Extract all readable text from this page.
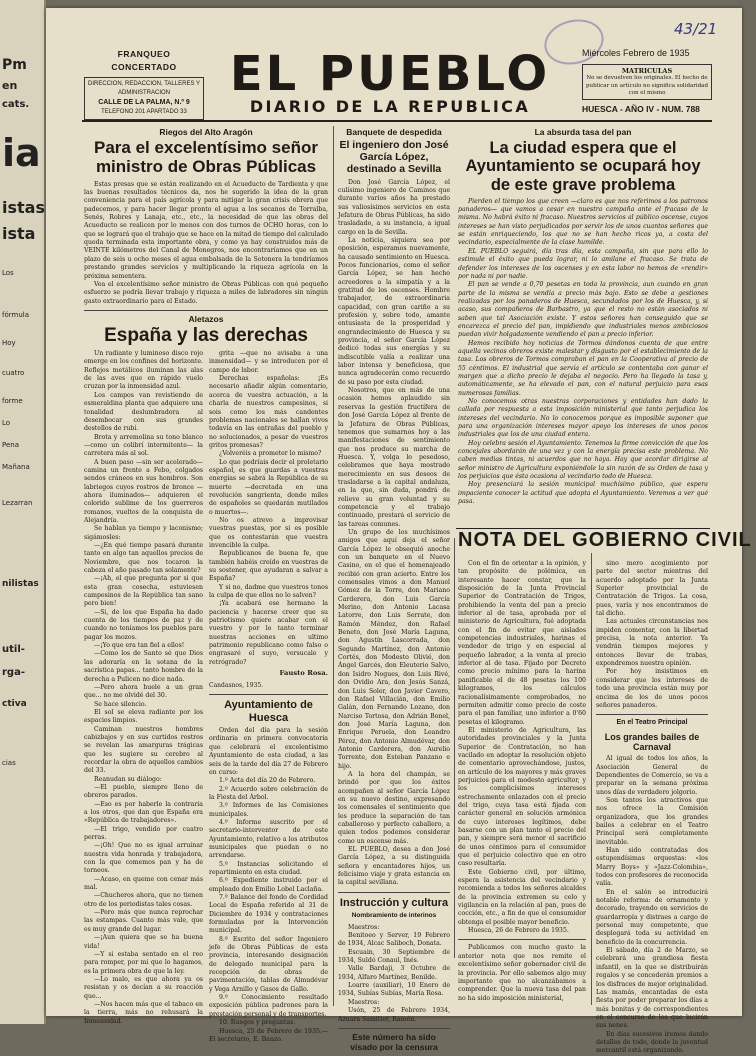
Pm
en
cats.
ia
istas
ista
Los
fórmula
Hoy
cuatro
forme
Lo
Pena
Mañana
Lezarran
nilistas
util-
rga-
ctiva
cias
43/21
FRANQUEO CONCERTADO
DIRECCION, REDACCION, TALLERES Y
ADMINISTRACION
CALLE DE LA PALMA, N.º 9
TELEFONO 201 APARTADO 33
EL PUEBLO
DIARIO DE LA REPUBLICA
Miércoles Febrero de 1935
MATRICULAS
No se devuelven los originales. El hecho de publicar un artículo no significa solidaridad con el mismo
HUESCA - AÑO IV - NUM. 788
Riegos del Alto Aragón
Para el excelentísimo señor ministro de Obras Públicas

Estas presas que se están realizando en el Acueducto de Tardienta y que las buenas resultados técnicos da, nos he sugerido la idea de la gran conveniencia para el país agrícola y para mitigar la gran crisis obrera que padecemos, y para hacer llegar pronto el agua a los secanos de Torralba, Senés, Robres y Lanaja, etc., etc., la necesidad de que las obras del Acueducto se realicen por lo menos con dos turnos de OCHO horas, con lo que se logrará que el trabajo que se hace en la mitad de tiempo del calculado queda terminada esta importante obra, y como ya hay construidos más de VEINTE kilómetros del Canal de Monegros, nos encontraríamos que en un plazo de seis u ocho meses el agua embalsada de la Sotonera la tendríamos prestando grandes servicios y multiplicando la riqueza agrícola en la próxima sementera.

Vea el excelentísimo señor ministro de Obras Públicas con qué pequeño esfuerzo se podría llevar trabajo y riqueza a miles de labradores sin ningún gasto extraordinario para el Estado.

Aletazos
España y las derechas

Un radiante y luminoso disco rojo emerge en los confines del horizonte. Reflejos metálicos iluminan las alas de las aves que en rápido vuelo cruzan por la inmensidad azul.

Los campos van revistiendo de esmeraldina planta que adquiere una tonalidad deslumbradora al desembocar con sus grandes destellos de rubí.

Brota y arremolina su tono blanco —como un colibrí intermitente— la carretera más al sol.

A buen paso —sin ser acelerado— camina un frente a Febo, colgados sendos cráneos en sus hombros. Son labriegos cuyos rostros de bronce —ahora iluminados— adquieren el colorido sublime de los guerreros romanos, vueltos de la conquista de Alejandría.

Se hablan ya tiempo y laconismo; sigámosles:

—¿En qué tiempo pasará durante tanto en algo tan aquellos precios de Noviembre, que nos tocaron la cabeza el año pasado tan solamente?

—¡Ah, el que pregunta por si que esta gran cosecha, estuviesen campesinos de la República tan sano pero bien!

—Si, de los que España ha dado cuenta de los tiempos de paz y de cuando no teníamos los pueblos para pagar los mozos.

—¡Yo que era tan fiel a ellos!

—Como los de Santo sé que Dios las adoraría en la sotana de la sacrística papas... tanto hombre de la derecha a Pulicen no dice nada.

—Pero ahora huele a un gran que... no me olvidé del 30.

Se hace silencio.

El sol se eleva radiante por los espacios limpios.

Caminan nuestros hombres cabizbajos y en sus curtidos rostros se revelan las amarguras trágicas que les sugiere su cerebro al recordar la obra de aquellos cambios del 33.

Reanudan su diálogo:

—El pueblo, siempre lleno de obreros parados.

—Eso es por haberle la contraria a los otros, que dan que España era «República de trabajadores».

—El trigo, vendido por cuatro perras.

—¡Oh! Que no es igual arruinar nuestra vida honrada y trabajadora, con la que comemos pan y ha de torneos.

—Acaso, en queme con cenar más mal.

—Chucheros ahora, que no tienen otro de los periodistas tales cosas.

—Pero más que nunca reprochar las estampas. Cuanto más vale, que es muy grande del lugar.

—¡Aun quiera que se ha buena vida!

—Y si estaba sentado en el reo para romper, por mi que lo hagamos, es la primera obra de que la ley.

—Lo malo, es que ahora ya os resistan y os decían a su reacción que...

—Nos hacen más que el tabaco en la tierra, más no rehusará la Inmensidad.

grita —que no avisaba a una inmensidad— y se introducen por el campo de labor.

Derechas españolas: ¡Es necesario añadir algún comentario, acerca de vuestra actuación, a la charla de nuestros campesinos, si sois como los más candentes problemas nacionales se hallan vivos todavía en las entrañas del pueblo y no solucionados, a pesar de vuestros gritos promesas?

¿Volveréis a prometer lo mismo?

Lo que podríais decir el proletario español, es que guardas a vuestras energías se sabrá la República de su muerte —decretada en una revolución sangrienta, donde miles de españoles se quedarán mutilados o muertos—.

No os atrevo a improvisar vuestras puestas, por si es posible que os contestarán que vuestra invencible la culpa.

Republicanos de buena fe, que también habéis creído en vuestras de su sostener, que ayudaran a salvar a España?

Y si no, dadme que vuestros tonos la culpa de que ellos no lo salven?

¡Ya acabará ese hermano la paciencia y hacerse creer que su patriotismo quiere acabar con el vuestro y por lo tanto terminar nuestras acciones en ultimo patrimonio republicano como falso o engrasaré el suyo, versucale y retrógrado?

Fausto Rosa.
Candasnos, 1935.
Ayuntamiento de Huesca

Orden del día para la sesión ordinaria en primera convocatoria que celebrará el excelentísimo Ayuntamiento de esta ciudad, a las seis de la tarde del día 27 de Febrero en curso:

1.º Acta del día 20 de Febrero.

2.º Acuerdo sobre celebración de la Fiesta del Árbol.

3.º Informes de las Comisiones municipales.

4.º Informe suscrito por el secretario-interventor de este Ayuntamiento, relativo a los atributos municipales que puedan o no arrendarse.

5.º Instancias solicitando el repartimiento en esta ciudad.

6.º Expediente instruido por el empleado don Emilio Lobel Laclaña.

7.º Balance del fondo de Cordidad Local de España referido al 31 de Diciembre de 1934 y contrataciones formuladas por la Intervención municipal.

8.º Escrito del señor Ingeniero jefe de Obras Públicas de esta provincia, interesando designación de delegado municipal para la recepción de obras de pavimentación, tablas de Almudévar y Vega Arnillo y Gasos de Gallo.

9.º Conocimiento resultado exposición pública padrones para la prestación personal y de transportes.

10. Ruegos y preguntas.

Huesca, 25 de Febrero de 1935.—El secretario, E. Banzo.

Banquete de despedida
El ingeniero don José García López, destinado a Sevilla

Don José García López, el culísimo ingeniero de Caminos que durante varios años ha prestado sus valiosísimos servicios en esta Jefatura de Obras Públicas, ha sido trasladado, a su instancia, a igual cargo en la de Sevilla.

La noticia, siquiera sea por oposición, esperamos nuevamente, ha causado sentimiento en Huesca. Pocos funcionarios, como el señor García López, se han hecho acreedores a la simpatía y a la gratitud de los oscenses. Hombre trabajador, de extraordinaria capacidad, con gran cariño a su profesión y, sobre todo, amante entusiasta de la prosperidad y engrandecimiento de Huesca y su provincia, el señor García López dedicó todas sus energías y su indiscutible valía a realizar una labor intensa y beneficiosa, que nunca agradecerán como recuerdo de su paso por esta ciudad.

Nosotros, que en más de una ocasión hemos aplaudido sin reservas la gestión fructífera de don José García López al frente de la Jefatura de Obras Públicas, tenemos que sumarnos hoy a las manifestaciones de sentimiento que nos produce su marcha de Huesca. Y, volga lo pesedoso, celebramos que haya mostrado merecimiento en sus deseos de trasladarse a la capital andaluza, en la que, sin duda, pondrá de relieve su gran voluntad y su competencia y el trabajo continuado, prestará el servicio de las tareas comunes.

Un grupo de los muchísimos amigos que aquí deja el señor García López le obsequió anoche con un banquete en el Nuevo Casino, en el que el homenajeado recibió con gran acierto. Entre los comensales vimos a don Manuel Gómez de la Torre, don Mariano Carderera, don Luis García Merino, don Antonio Lacasa Latorre, don Luis Serrate, don Ramón Méndez, don Rafael Beneto, don José María Laguna, don Agustín Lascorrada, don Segundo Martínez, don Antonio Cortés, don Modesto Olivié, don Ángel Garcés, don Eleuterio Salvo, don Isidro Nogues, don Luis Rivé, don Ovidio Ara, don Jesús Sanzá, don Luis Soler, don Javier Cavero, don Rafael Villacián, don Emilio Galán, don Fernando Lozano, don Narciso Tortosa, don Adrián Bonel, don José María Laguna, don Enrique Peruela, don Leandro Pérez, don Antonio Almudévar, don Antonio Carderera, don Aurelio Torrente, don Esteban Panzano e hijo.

A la hora del champán, se brindó por que los éxitos acompañen al señor García López en su nuevo destino, expresando los comensales el sentimiento que les produce la separación de tan caballeroso y perfecto caballero, a quien todos podemos considerar como un oscense más.

EL PUEBLO, desea a don José García López, a su distinguida señora y encantadores hijos, un felicísimo viaje y grata estancia en la capital sevillana.

Instrucción y cultura
Nombramiento de interinos

Maestros:

Benitoeo y Server, 19 Febrero de 1934, Alcac Saliboch, Donata.

Escuain, 30 Septiembre de 1934, Suldó Conaul, Inés.

Valle Bardaji, 3 Octubre de 1934, Alfaro Martínez, Benilde.

Loarre (auxiliar), 10 Enero de 1934, Subías Subías, María Rosa.

Maestros:

Usón, 25 de Febrero 1934, Azuara Samitier, Ramón.

Este número ha sido visado por la censura
La absurda tasa del pan
La ciudad espera que el Ayuntamiento se ocupará hoy de este grave problema

Pierden el tiempo los que creen —claro es que nos referimos a los patronos panaderos— que vamos a cesar en nuestra campaña ante el fracaso de la misma. No habrá éxito ni fracaso. Nuestros servicios al público oscense, cuyos intereses se han visto perjudicados por servir los de unos cuantos señores que se están enriqueciendo, los que no se han hecho ricos ya, a costa del vecindario, especialmente de la clase humilde.

EL PUEBLO seguirá, día tras día, esta campaña, sin que para ello lo estimule el éxito que pueda lograr, ni lo amilane el fracaso. Se trata de defender los intereses de los oscenses y en esta labor no hemos de «rendir» por nada ni por nadie.

El pan se vende a 0,70 pesetas en toda la provincia, aun cuando en gran parte de la misma se vendía a precio más bajo. Esto se debe a gestiones realizadas por los panaderos de Huesca, secundados por los de Huesca, y, si acaso, sus compañeros de Barbastro, ya que el resto no están asociados ni saben que tal Asociación existe. Y estos señores han conseguido que se encarezca el precio del pan, impidiendo que industriales menos ambiciosos puedan vivir holgadamente vendiendo el pan a precio inferior.

Hemos recibido hoy noticias de Tormos dándonos cuenta de que entre aquella vecinos obreros existe malestar y disgusto por el establecimiento de la tasa. Los obreros de Tormos compraban el pan en la Cooperativa al precio de 55 céntimos. El industrial que servía el artículo se contentaba con ganar el margen que a dicho precio le dejaba el negocio. Pero ha llegado la tasa y, automáticamente, se ha elevado el pan, con el natural perjuicio para esas numerosas familias.

No conocemos otras nuestras corporaciones y entidades han dado la callada por respuesta a esta imposición ministerial que tanto perjudica los intereses del vecindario. No lo conocemos porque es imposible suponer que para una organización intereses mayor apoyo los intereses de unos pocos industriales que los de una ciudad entera.

Hoy celebra sesión el Ayuntamiento. Tenemos la firme convicción de que los concejales abordarán de una vez y con la energía precisa este problema. No caben medias tintas, ni acuerdos que no haya. Hay que acordar dirigirse al señor ministro de Agricultura exponiéndole la sin razón de su Orden de tasa y los perjuicios que ésta ocasiona al vecindario todo de Huesca.

Hoy presenciará la sesión municipal muchísimo público, que espera impaciente conocer la actitud que adopta el Ayuntamiento. Veremos a ver qué pasa.

NOTA DEL GOBIERNO CIVIL

Con el fin de orientar a la opinión, y tan propósito de polémica, en interesante hacer constar, que la disposición de la Junta Provincial Superior de Contratación de Trigos, prohibiendo la venta del pan a precio inferior al de tasa, aprobada por el ministerio de Agricultura, fué adoptada con el fin de evitar que aislados competencias industriales, harinas el vendedor de trigo y en especial al pequeño labrador, a la venta al precio inferior al de tasa. Fijado por Decreto como precio mínimo para la harina panificable el de 48 pesetas los 100 kilogramos, los cálculos racionalísimamente comprobados, no permiten admitir como precio de coste para el pan familiar, uno inferior a 0'60 pesetas el kilogramo.

El ministerio de Agricultura, las autoridades provinciales y la Junta Superior de Contratación, no han vacilado en adoptar la resolución objeto de comentario aprovechándose, justos, en artículo de los mayores y más graves perjuicios para el modesto agricultor, y los complicísimos intereses estrechamente enlazados con el precio del trigo, cuya tasa está fijada con carácter general en solución armónica de cuyo intereses legítimos, debe basarse con un plan tanto el precio del pan, y siempre será menor el sacrificio de unos céntimos para el consumidor que el perjuicio colectivo que en otro caso resultaría.

Este Gobierno civil, por último, espera la asistencia del vecindario y recomienda a todos los señores alcaldes de la provincia extremen su celo y vigilancia en la relación al pan, pues de cocción, etc., a fin de que el consumidor obtenga el posible mayor beneficio.

Huesca, 26 de Febrero de 1935.

Publicamos con mucho gusto la anterior nota que nos remite el excelentísimo señor gobernador civil de la provincia. Por ello sabemos algo muy importante que no alcanzábamos a comprender. Que la nueva tasa del pan no ha sido imposición ministerial,

sino mero acogimiento por parte del sector mientras del acuerdo adoptado por la Junta Superior provincial de Contratación de Trigos. La cosa, pues, varía y nos encontramos de tal dicho.

Las actuales circunstancias nos impiden comentar, con la libertad precisa, la nota anterior. Ya vendrán tiempos mejores y entonces llevar de trabas, expondremos nuestra opinión.

Por hoy insistimos en considerar que los intereses de todo una provincia están muy por encima de los de unos pocos señores panaderos.

En el Teatro Principal
Los grandes bailes de Carnaval

Al igual de todos los años, la Asociación General de Dependientes de Comercio, se va a preparar en la semana próxima unos días de verdadero jolgorio.

Son tantos los atractivos que nos ofrece la Comisión organizadora, que los grandes bailes a celebrar en el Teatro Principal será completamente inevitable.

Han sido contratadas dos estupendísimas orquestas: «los Marry Boys» y «Jazz-Colombia», todos con profesores de reconocida valía.

En el salón se introducirá notable reforma: de ornamento y decorado, trayendo en servicios de guardarropía y distraes a cargo de personal muy competente, que desplegará toda su actividad en beneficio de la concurrencia.

El sábado, día 2 de Marzo, se celebrará una grandiosa fiesta infantil, en la que se distribuirán regalos y se concederán premios a los disfraces de mejor originalidad. Las mamás, encantadas de esta fiesta por poder preparar los días a más bonitas y de correspondientes en el concurso de los que lucirán sus nenes.

En días sucesivos iremos dando detalles de todo, donde la juventud mercantil está organizando.
